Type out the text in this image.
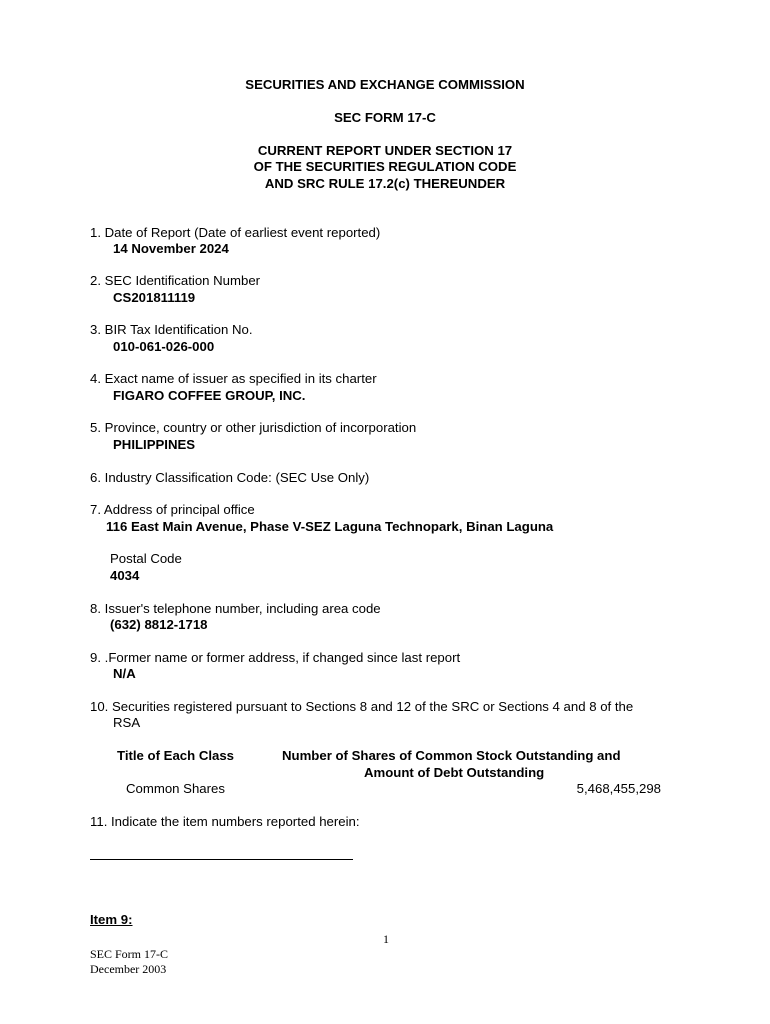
SECURITIES AND EXCHANGE COMMISSION
SEC FORM 17-C
CURRENT REPORT UNDER SECTION 17
OF THE SECURITIES REGULATION CODE
AND SRC RULE 17.2(c) THEREUNDER
1. Date of Report (Date of earliest event reported)
14 November 2024
2. SEC Identification Number
CS201811119
3. BIR Tax Identification No.
010-061-026-000
4. Exact name of issuer as specified in its charter
FIGARO COFFEE GROUP, INC.
5. Province, country or other jurisdiction of incorporation
PHILIPPINES
6. Industry Classification Code: (SEC Use Only)
7. Address of principal office
116 East Main Avenue, Phase V-SEZ Laguna Technopark, Binan Laguna
Postal Code
4034
8. Issuer's telephone number, including area code
(632) 8812-1718
9. .Former name or former address, if changed since last report
N/A
10. Securities registered pursuant to Sections 8 and 12 of the SRC or Sections 4 and 8 of the
RSA
Title of Each Class	Number of Shares of Common Stock Outstanding and
Amount of Debt Outstanding
Common Shares	5,468,455,298
11. Indicate the item numbers reported herein:
Item 9:
1
SEC Form 17-C
December 2003
